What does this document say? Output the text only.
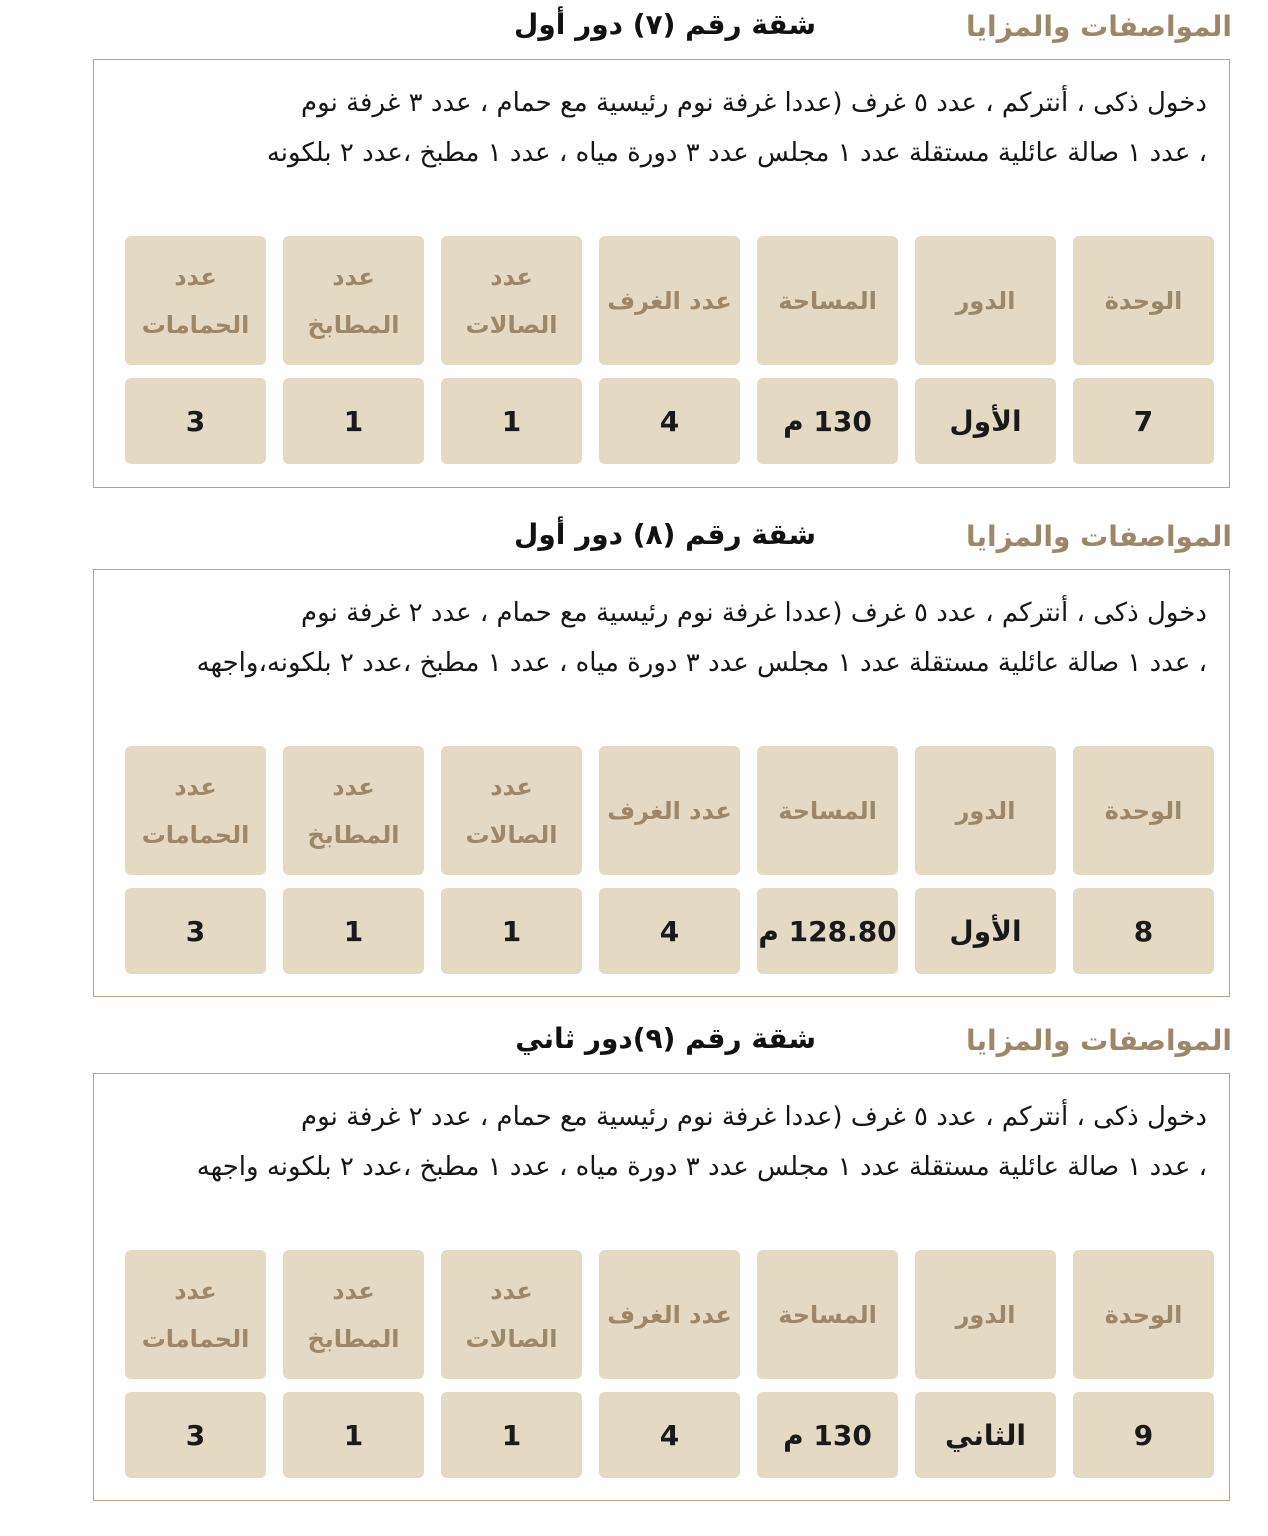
المواصفات والمزايا
شقة رقم (٧) دور أول
دخول ذكى ، أنتركم ، عدد ٥ غرف (عددا غرفة نوم رئيسية مع حمام ، عدد ٣ غرفة نوم
، عدد ١ صالة عائلية مستقلة عدد ١ مجلس عدد ٣ دورة مياه ، عدد ١ مطبخ ،عدد ٢ بلكونه
الوحدة
الدور
المساحة
عدد الغرف
عدد الصالات
عدد المطابخ
عدد الحمامات
7
الأول
130 م
4
1
1
3
المواصفات والمزايا
شقة رقم (٨) دور أول
دخول ذكى ، أنتركم ، عدد ٥ غرف (عددا غرفة نوم رئيسية مع حمام ، عدد ٢ غرفة نوم
، عدد ١ صالة عائلية مستقلة عدد ١ مجلس عدد ٣ دورة مياه ، عدد ١ مطبخ ،عدد ٢ بلكونه،واجهه
الوحدة
الدور
المساحة
عدد الغرف
عدد الصالات
عدد المطابخ
عدد الحمامات
8
الأول
128.80 م
4
1
1
3
المواصفات والمزايا
شقة رقم (٩)دور ثاني
دخول ذكى ، أنتركم ، عدد ٥ غرف (عددا غرفة نوم رئيسية مع حمام ، عدد ٢ غرفة نوم
، عدد ١ صالة عائلية مستقلة عدد ١ مجلس عدد ٣ دورة مياه ، عدد ١ مطبخ ،عدد ٢ بلكونه واجهه
الوحدة
الدور
المساحة
عدد الغرف
عدد الصالات
عدد المطابخ
عدد الحمامات
9
الثاني
130 م
4
1
1
3
